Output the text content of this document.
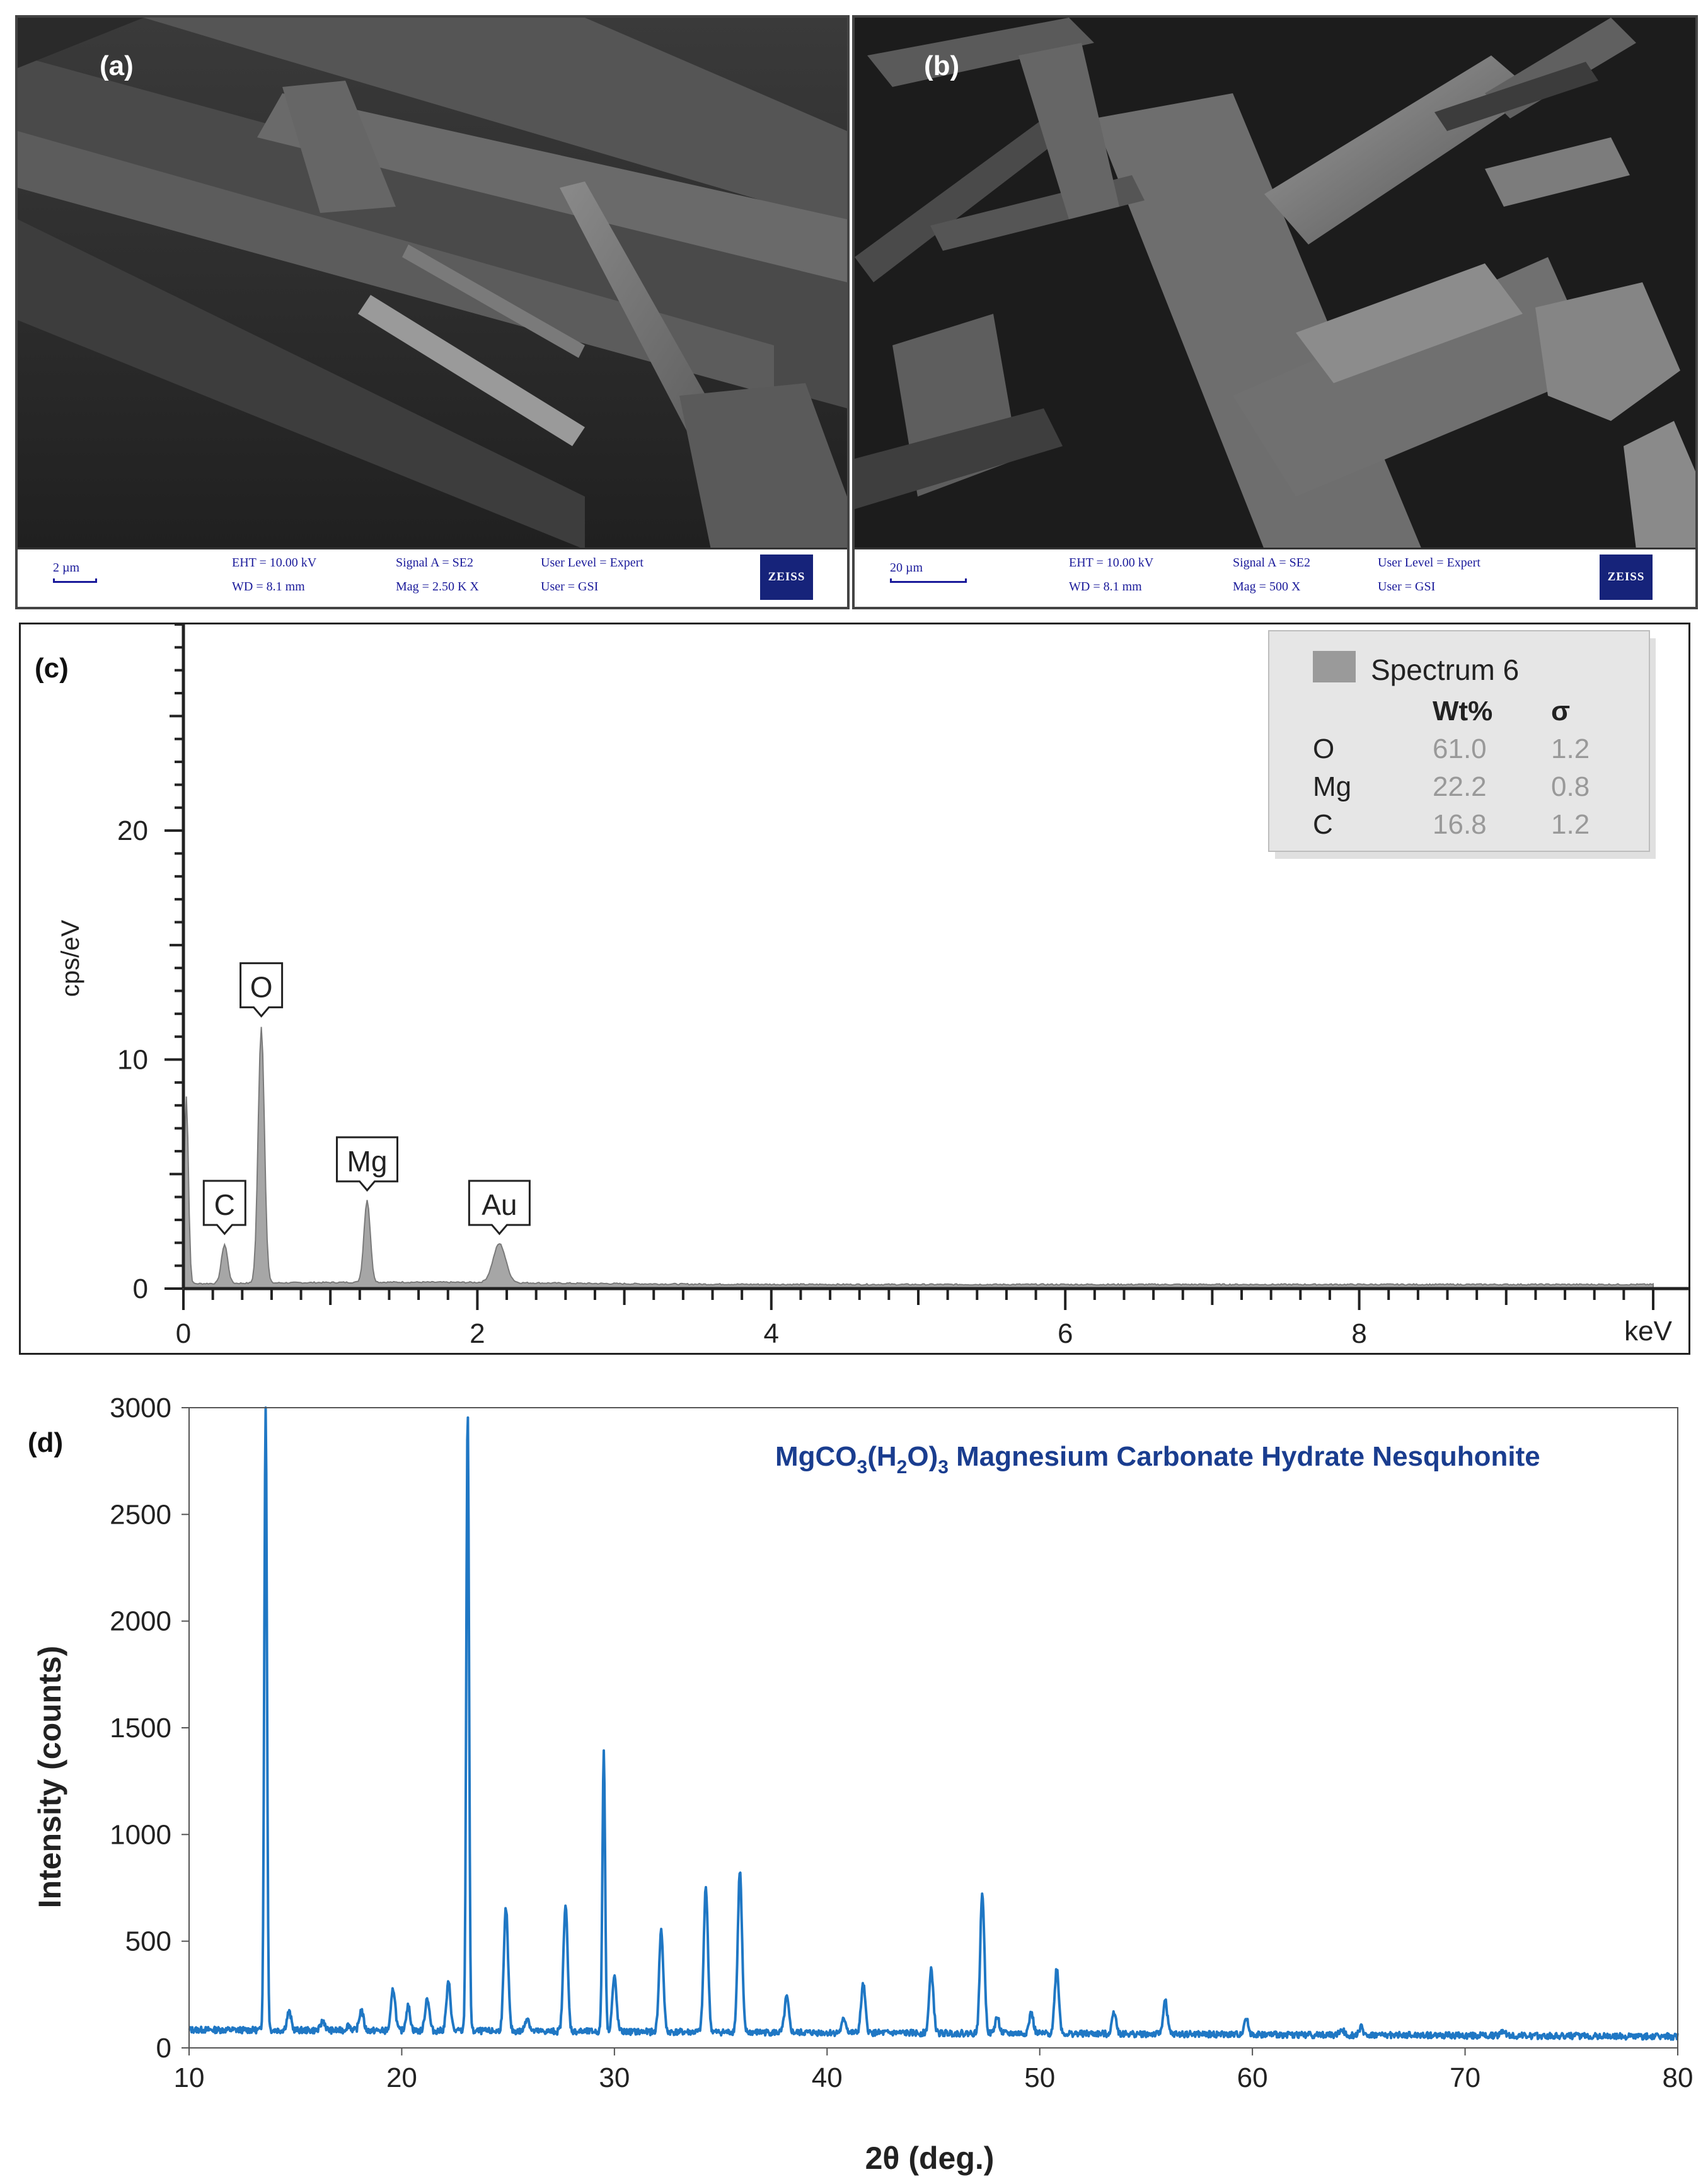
(a)
2 µm	EHT = 10.00 kV
WD = 8.1 mm
Signal A = SE2
Mag = 2.50 K X
User Level = Expert
User = GSI
ZEISS
(b)
20 µm	EHT = 10.00 kV
WD = 8.1 mm
Signal A = SE2
Mag = 500 X
User Level = Expert
User = GSI
ZEISS
(c)
cps/eV
keV
0	2	4	6	8
0
10
20
C
O
Mg
Au
Spectrum 6
Wt% σ
O	61.0 1.2
Mg	22.2 0.8
C	16.8 1.2
(d)	$MgCO_3(H_2O)_3$ Magnesium Carbonate Hydrate Nesquhonite
Intensity (counts)
2θ (deg.)
10	20	30	40	50	60	70	80
0
500
1000
1500
2000
2500
3000
